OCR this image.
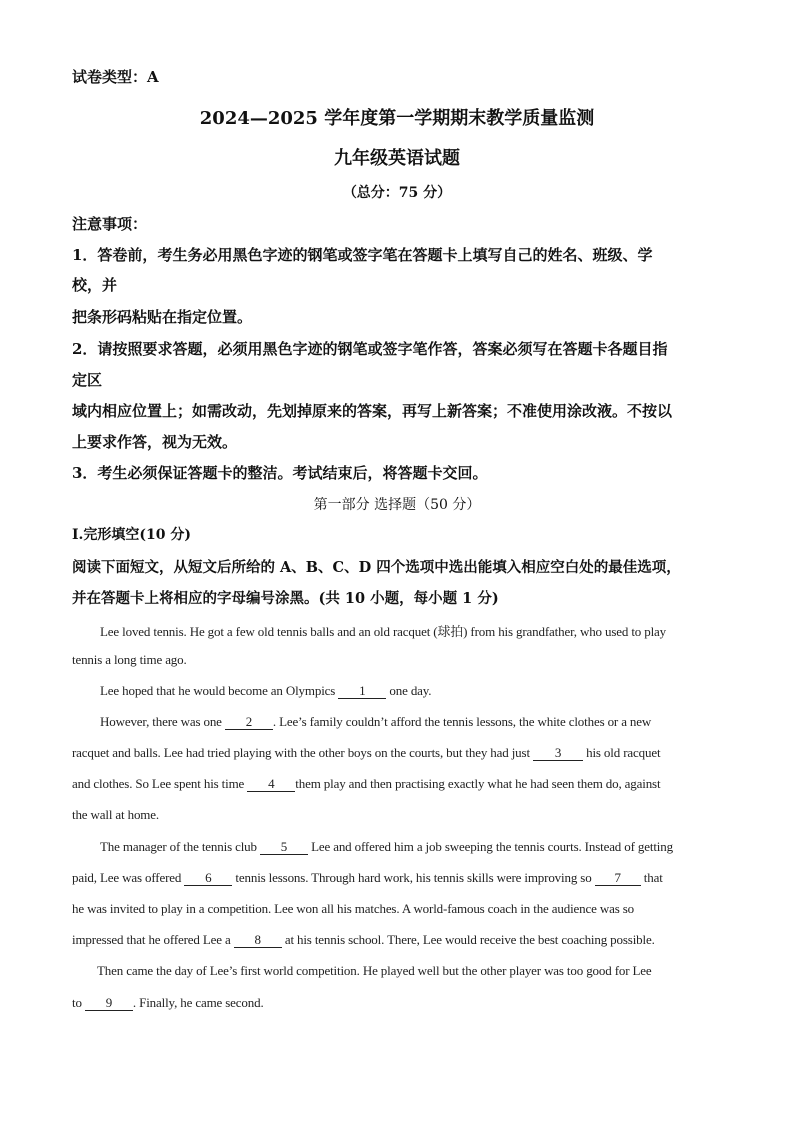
试卷类型：A
2024—2025 学年度第一学期期末教学质量监测
九年级英语试题
（总分：75 分）
注意事项：
1．答卷前，考生务必用黑色字迹的钢笔或签字笔在答题卡上填写自己的姓名、班级、学
校，并
把条形码粘贴在指定位置。
2．请按照要求答题，必须用黑色字迹的钢笔或签字笔作答，答案必须写在答题卡各题目指
定区
域内相应位置上；如需改动，先划掉原来的答案，再写上新答案；不准使用涂改液。不按以
上要求作答，视为无效。
3．考生必须保证答题卡的整洁。考试结束后，将答题卡交回。
第一部分 选择题（50 分）
I.完形填空(10 分)
阅读下面短文，从短文后所给的 A、B、C、D 四个选项中选出能填入相应空白处的最佳选项，
并在答题卡上将相应的字母编号涂黑。(共 10 小题，每小题 1 分)
Lee loved tennis. He got a few old tennis balls and an old racquet (球拍) from his grandfather, who used to play
tennis a long time ago.
Lee hoped that he would become an Olympics 1 one day.
However, there was one 2 . Lee’s family couldn’t afford the tennis lessons, the white clothes or a new
racquet and balls. Lee had tried playing with the other boys on the courts, but they had just 3 his old racquet
and clothes. So Lee spent his time 4 them play and then practising exactly what he had seen them do, against
the wall at home.
The manager of the tennis club 5 Lee and offered him a job sweeping the tennis courts. Instead of getting
paid, Lee was offered 6 tennis lessons. Through hard work, his tennis skills were improving so 7 that
he was invited to play in a competition. Lee won all his matches. A world-famous coach in the audience was so
impressed that he offered Lee a 8 at his tennis school. There, Lee would receive the best coaching possible.
Then came the day of Lee’s first world competition. He played well but the other player was too good for Lee
to 9 . Finally, he came second.
